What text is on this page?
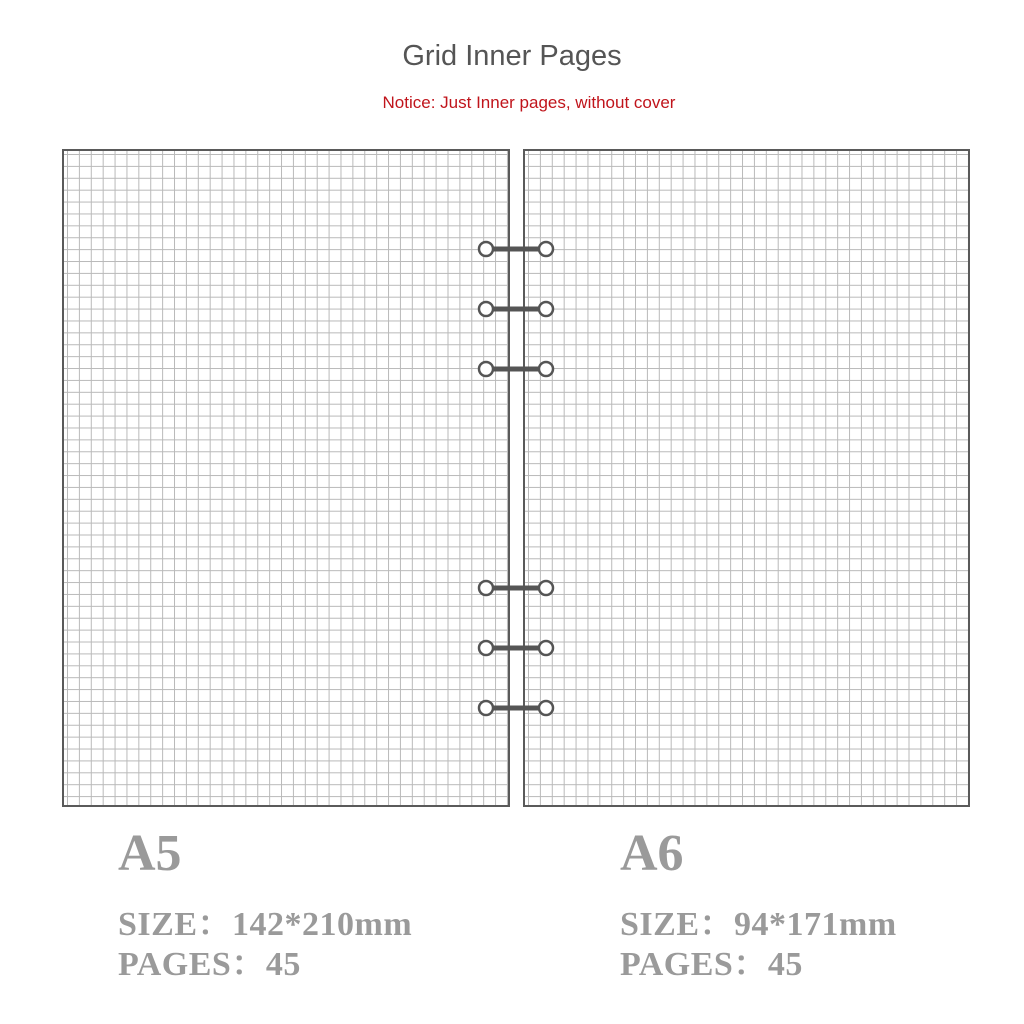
Grid Inner Pages
Notice: Just Inner pages, without cover
A5
SIZE：142*210mm
PAGES：45
A6
SIZE：94*171mm
PAGES：45
